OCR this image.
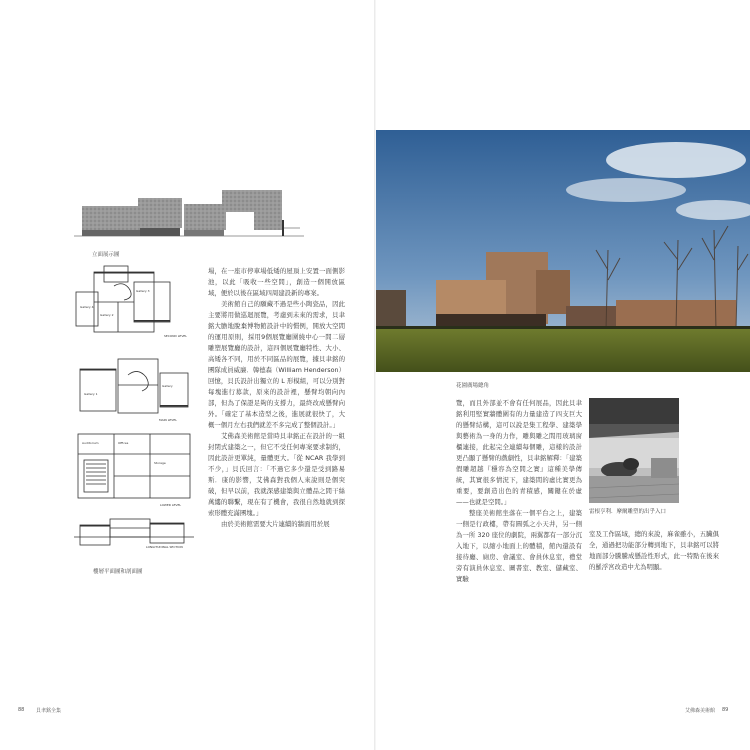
立面展示圖
Gallery 3
Gallery 2
Gallery 4
SECOND LEVEL
Gallery 1
Gallery
MAIN LEVEL
Auditorium	Offices
Storage
LOWER LEVEL
LONGITUDINAL SECTION
樓層平面圖和剖面圖

場，在一座市停車場低矮的屋頂上安置一面側影池，以此「吸收一些空間」，創造一個開放區域，便於以後在區域四周建設新的專案。

美術館自己的願藏不過是些小陶瓷品，因此主要將用做巡迴展覽，考慮到未來的需求，貝聿銘大膽地脫棄博物館設計中的慣例，開放大空間的運用原則，採用9個展覽廳圍繞中心一間二層雕塑展覽廳的設計，這四個展覽廳特性、大小、高矮各不同，用於不同區品的展覽，據貝聿銘的團隊成員威廉．韓德森（William Henderson）回憶，貝氏設計出獨立的 L 形模組，可以分別對每塊進行募款，原來的設計裡，懸臂均朝向內部，但為了保證足夠的支撐力，最終改成懸臂向外。「確定了基本造型之後，進展就很快了，大概一個月左右我們就差不多完成了整個設計。」

艾佛森美術館是當時貝聿銘正在設計的一組封閉式建築之一，但它不受任何專案要求制約，因此設計更單純，量體更大。「從 NCAR 我學到不少，」貝氏回言：「不過它多少還是受到路易斯．康的影響，艾佛森對我個人來說則是個突破，但早以前，我就深感建築與立體品之間干絲萬縷的聯繫，現在有了機會，我很自然地就到探索形體充滿團塊。」

由於美術館需要大片連續的牆面用於展

花園廣場總角

覽，而且外部並不會有任何展品，因此貝聿銘利用堅實牆體圍有的力量建造了四支巨大的懸臂結構，這可以說是集工程學、建築學與藝術為一身的力作，雕與雕之間用玻璃窗櫃連接，此起完全連續每個雕，這樣的設計更凸顯了懸臂的戲劇性，貝聿銘解釋：「建築假雕超越『穩容為空間之實』這種美學傳統，其實很多情況下，建築間的虛比實更為重要，要創造出色的青積感，關鍵在於虛——也就是空間。」

整座美術館坐落在一個平台之上，建築一側是行政樓，帶有圓弧之小天井，另一側為一所 320 座位的劇院，兩翼都有一部分沉入地下，以縮小地面上的體積，館內還設有接待廳、廁房、會議室、會員休息室，禮堂旁有演員休息室、圖書室、教室、儲藏室、實驗

雷根亨利．摩爾雕塑的出乎入口

室及工作區域，總的來說，麻雀雖小，五臟俱全，通過把功能部分轉到地下，貝聿銘可以將地面部分騰騰成懸詮性形式，此一特點在後來的羅浮宮改造中尤為明顯。

88 貝聿銘全集	艾佛森美術館 89
